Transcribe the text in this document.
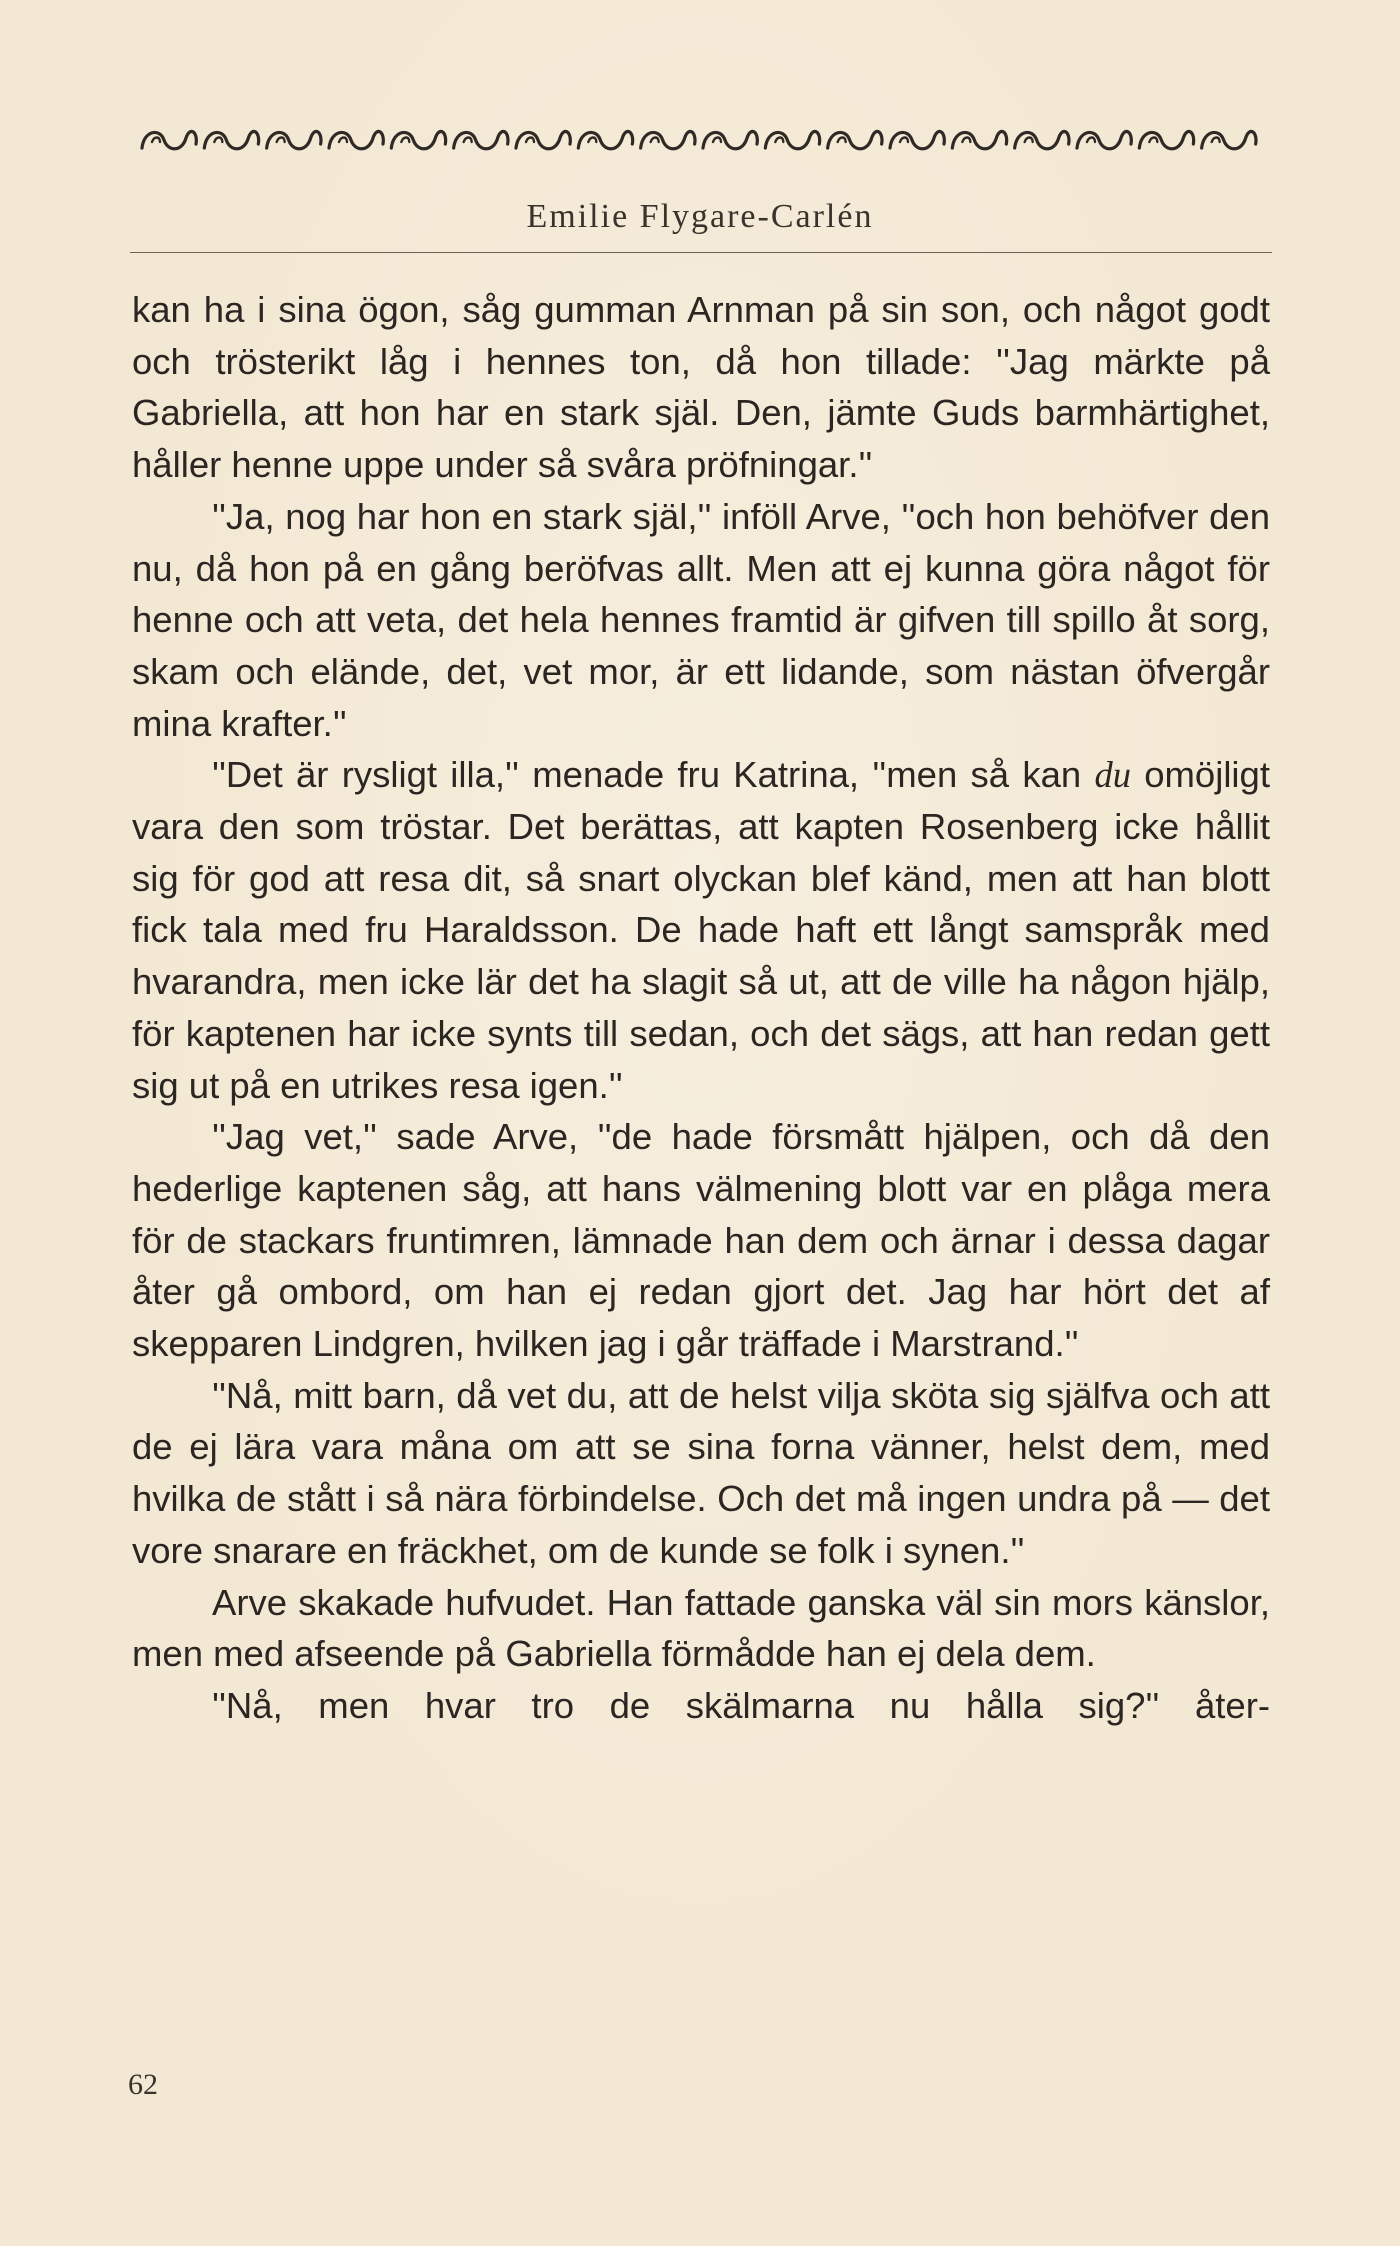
Emilie Flygare-Carlén

kan ha i sina ögon, såg gumman Arnman på sin son, och något godt och trösterikt låg i hennes ton, då hon tillade: ''Jag märkte på Gabriella, att hon har en stark själ. Den, jämte Guds barmhärtighet, håller henne uppe under så svåra pröfningar.''

''Ja, nog har hon en stark själ,'' inföll Arve, ''och hon behöfver den nu, då hon på en gång beröfvas allt. Men att ej kunna göra något för henne och att veta, det hela hennes framtid är gifven till spillo åt sorg, skam och elände, det, vet mor, är ett lidande, som nästan öfvergår mina krafter.''

''Det är rysligt illa,'' menade fru Katrina, ''men så kan du omöjligt vara den som tröstar. Det berättas, att kapten Rosenberg icke hållit sig för god att resa dit, så snart olyckan blef känd, men att han blott fick tala med fru Haraldsson. De hade haft ett långt samspråk med hvarandra, men icke lär det ha slagit så ut, att de ville ha någon hjälp, för kaptenen har icke synts till sedan, och det sägs, att han redan gett sig ut på en utrikes resa igen.''

''Jag vet,'' sade Arve, ''de hade försmått hjälpen, och då den hederlige kaptenen såg, att hans välmening blott var en plåga mera för de stackars fruntimren, lämnade han dem och ärnar i dessa dagar åter gå ombord, om han ej redan gjort det. Jag har hört det af skepparen Lindgren, hvilken jag i går träffade i Marstrand.''

''Nå, mitt barn, då vet du, att de helst vilja sköta sig själfva och att de ej lära vara måna om att se sina forna vänner, helst dem, med hvilka de stått i så nära förbindelse. Och det må ingen undra på — det vore snarare en fräckhet, om de kunde se folk i synen.''

Arve skakade hufvudet. Han fattade ganska väl sin mors känslor, men med afseende på Gabriella förmådde han ej dela dem.

''Nå, men hvar tro de skälmarna nu hålla sig?'' åter-

62
